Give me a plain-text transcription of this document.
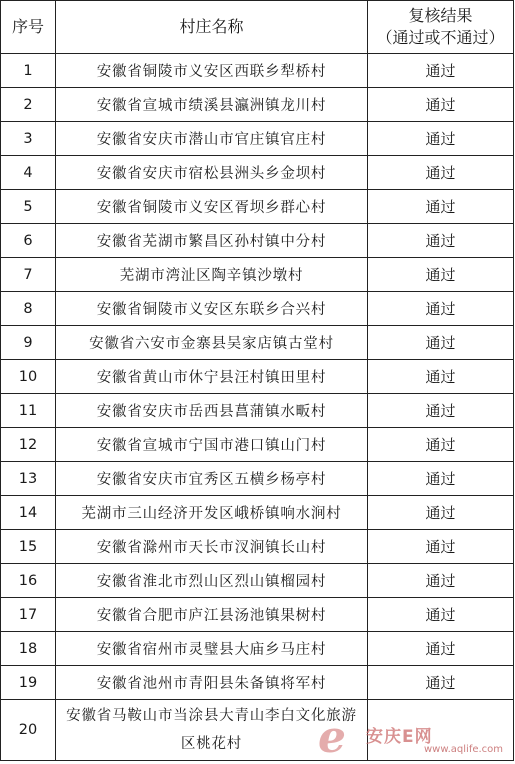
序号	村庄名称	复核结果
（通过或不通过）

1	安徽省铜陵市义安区西联乡犁桥村	通过
2	安徽省宣城市绩溪县瀛洲镇龙川村	通过
3	安徽省安庆市潜山市官庄镇官庄村	通过
4	安徽省安庆市宿松县洲头乡金坝村	通过
5	安徽省铜陵市义安区胥坝乡群心村	通过
6	安徽省芜湖市繁昌区孙村镇中分村	通过
7	芜湖市湾沚区陶辛镇沙墩村	通过
8	安徽省铜陵市义安区东联乡合兴村	通过
9	安徽省六安市金寨县吴家店镇古堂村	通过
10	安徽省黄山市休宁县汪村镇田里村	通过
11	安徽省安庆市岳西县菖蒲镇水畈村	通过
12	安徽省宣城市宁国市港口镇山门村	通过
13	安徽省安庆市宜秀区五横乡杨亭村	通过
14	芜湖市三山经济开发区峨桥镇响水涧村	通过
15	安徽省滁州市天长市汊涧镇长山村	通过
16	安徽省淮北市烈山区烈山镇榴园村	通过
17	安徽省合肥市庐江县汤池镇果树村	通过
18	安徽省宿州市灵璧县大庙乡马庄村	通过
19	安徽省池州市青阳县朱备镇将军村	通过
20	安徽省马鞍山市当涂县大青山李白文化旅游区桃花村	e 安庆E网
www.aqlife.com
